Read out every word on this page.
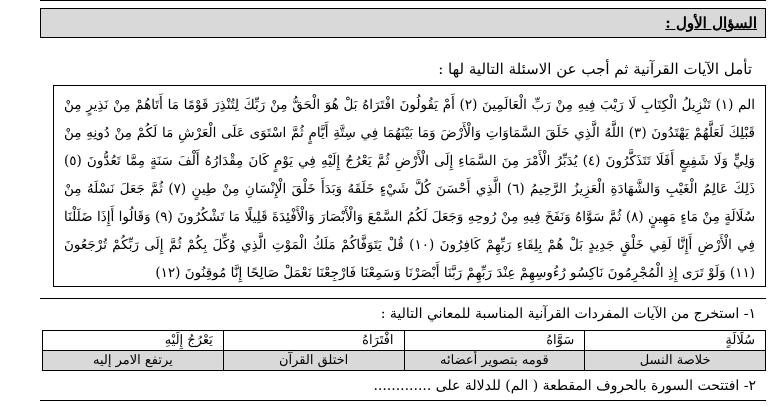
السؤال الأول :
تأمل الآيات القرآنية ثم أجب عن الاسئلة التالية لها :
الم (١) تَنْزِيلُ الْكِتَابِ لَا رَيْبَ فِيهِ مِنْ رَبِّ الْعَالَمِينَ (٢) أَمْ يَقُولُونَ افْتَرَاهُ بَلْ هُوَ الْحَقُّ مِنْ رَبِّكَ لِتُنْذِرَ قَوْمًا مَا أَتَاهُمْ مِنْ نَذِيرٍ مِنْ قَبْلِكَ لَعَلَّهُمْ يَهْتَدُونَ (٣) اللَّهُ الَّذِي خَلَقَ السَّمَاوَاتِ وَالْأَرْضَ وَمَا بَيْنَهُمَا فِي سِتَّةِ أَيَّامٍ ثُمَّ اسْتَوَى عَلَى الْعَرْشِ مَا لَكُمْ مِنْ دُونِهِ مِنْ وَلِيٍّ وَلَا شَفِيعٍ أَفَلَا تَتَذَكَّرُونَ (٤) يُدَبِّرُ الْأَمْرَ مِنَ السَّمَاءِ إِلَى الْأَرْضِ ثُمَّ يَعْرُجُ إِلَيْهِ فِي يَوْمٍ كَانَ مِقْدَارُهُ أَلْفَ سَنَةٍ مِمَّا تَعُدُّونَ (٥) ذَلِكَ عَالِمُ الْغَيْبِ وَالشَّهَادَةِ الْعَزِيزُ الرَّحِيمُ (٦) الَّذِي أَحْسَنَ كُلَّ شَيْءٍ خَلَقَهُ وَبَدَأَ خَلْقَ الْإِنْسَانِ مِنْ طِينٍ (٧) ثُمَّ جَعَلَ نَسْلَهُ مِنْ سُلَالَةٍ مِنْ مَاءٍ مَهِينٍ (٨) ثُمَّ سَوَّاهُ وَنَفَخَ فِيهِ مِنْ رُوحِهِ وَجَعَلَ لَكُمُ السَّمْعَ وَالْأَبْصَارَ وَالْأَفْئِدَةَ قَلِيلًا مَا تَشْكُرُونَ (٩) وَقَالُوا أَإِذَا ضَلَلْنَا فِي الْأَرْضِ أَإِنَّا لَفِي خَلْقٍ جَدِيدٍ بَلْ هُمْ بِلِقَاءِ رَبِّهِمْ كَافِرُونَ (١٠) قُلْ يَتَوَفَّاكُمْ مَلَكُ الْمَوْتِ الَّذِي وُكِّلَ بِكُمْ ثُمَّ إِلَى رَبِّكُمْ تُرْجَعُونَ (١١) وَلَوْ تَرَى إِذِ الْمُجْرِمُونَ نَاكِسُو رُءُوسِهِمْ عِنْدَ رَبِّهِمْ رَبَّنَا أَبْصَرْنَا وَسَمِعْنَا فَارْجِعْنَا نَعْمَلْ صَالِحًا إِنَّا مُوقِنُونَ (١٢)
١- استخرج من الآيات المفردات القرآنية المناسبة للمعاني التالية :
سُلَالَةٍ	سَوَّاهُ	افْتَرَاهُ	يَعْرُجُ إِلَيْهِ
خلاصة النسل	قومه بتصوير أعضائه	اختلق القرآن	يرتفع الامر إليه
٢- افتتحت السورة بالحروف المقطعة ( الم) للدلالة على .............
